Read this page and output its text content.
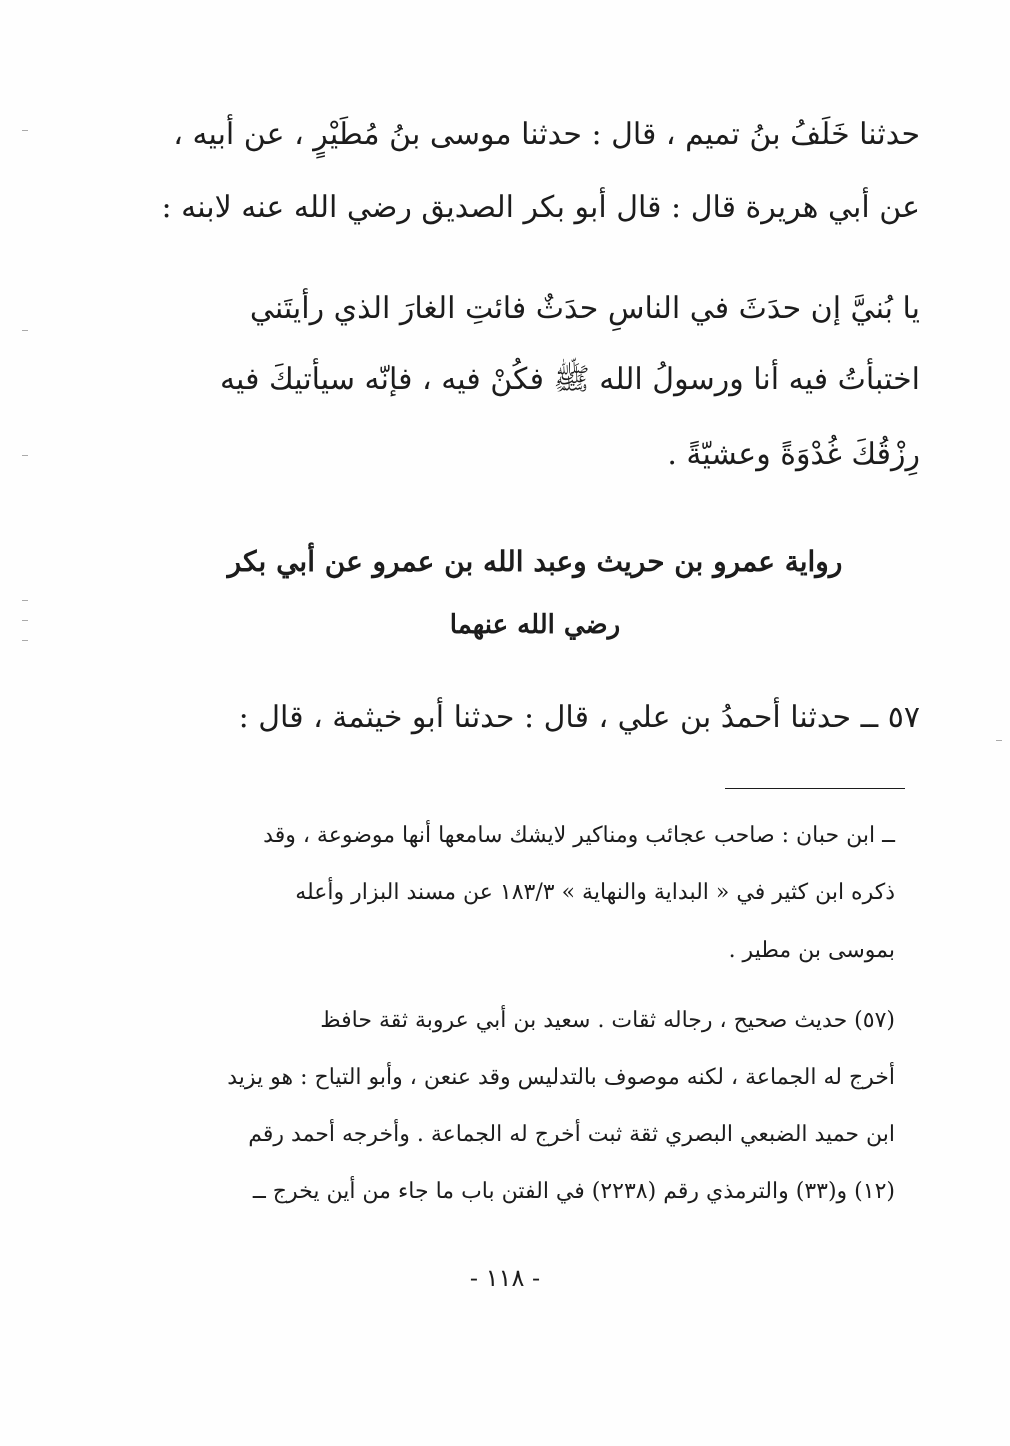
حدثنا خَلَفُ بنُ تميم ، قال : حدثنا موسى بنُ مُطَيْرٍ ، عن أبيه ،
عن أبي هريرة قال : قال أبو بكر الصديق رضي الله عنه لابنه :
يا بُنيَّ إن حدَثَ في الناسِ حدَثٌ فائتِ الغارَ الذي رأيتَني
اختبأتُ فيه أنا ورسولُ الله ﷺ فكُنْ فيه ، فإنّه سيأتيكَ فيه
رِزْقُكَ غُدْوَةً وعشيّةً .
رواية عمرو بن حريث وعبد الله بن عمرو عن أبي بكر
رضي الله عنهما
٥٧ ــ حدثنا أحمدُ بن علي ، قال : حدثنا أبو خيثمة ، قال :
ــ ابن حبان : صاحب عجائب ومناكير لايشك سامعها أنها موضوعة ، وقد
ذكره ابن كثير في « البداية والنهاية » ١٨٣/٣ عن مسند البزار وأعله
بموسى بن مطير .
(٥٧) حديث صحيح ، رجاله ثقات . سعيد بن أبي عروبة ثقة حافظ
أخرج له الجماعة ، لكنه موصوف بالتدليس وقد عنعن ، وأبو التياح : هو يزيد
ابن حميد الضبعي البصري ثقة ثبت أخرج له الجماعة . وأخرجه أحمد رقم
(١٢) و(٣٣) والترمذي رقم (٢٢٣٨) في الفتن باب ما جاء من أين يخرج ــ
- ١١٨ -
